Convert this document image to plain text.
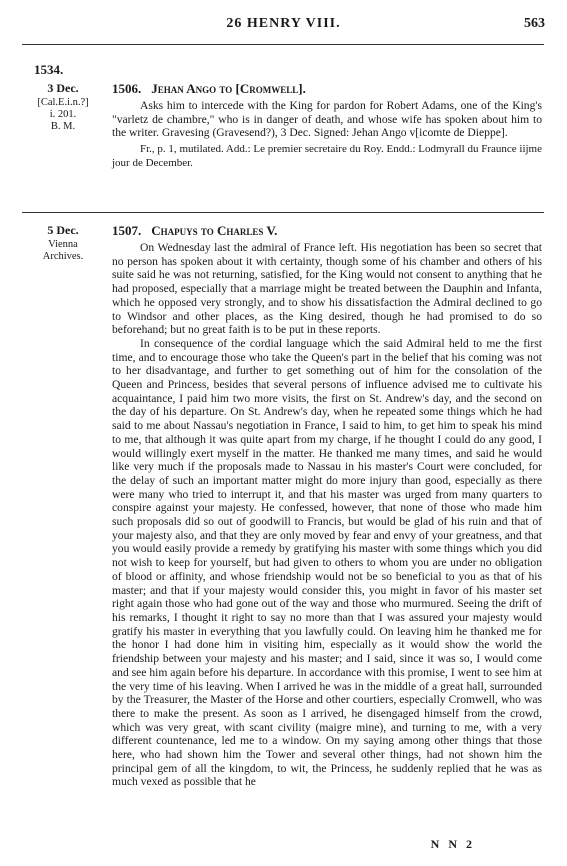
26 HENRY VIII.	563
1534.
3 Dec.
[Cal.E.i.n.?]
i. 201.
B. M.
1506. Jehan Ango to [Cromwell].

Asks him to intercede with the King for pardon for Robert Adams, one of the King's "varletz de chambre," who is in danger of death, and whose wife has spoken about him to the writer. Gravesing (Gravesend?), 3 Dec. Signed: Jehan Ango v[icomte de Dieppe].

Fr., p. 1, mutilated. Add.: Le premier secretaire du Roy. Endd.: Lodmyrall du Fraunce iijme jour de December.

5 Dec.
Vienna
Archives.
1507. Chapuys to Charles V.

On Wednesday last the admiral of France left. His negotiation has been so secret that no person has spoken about it with certainty, though some of his chamber and others of his suite said he was not returning, satisfied, for the King would not consent to anything that he had proposed, especially that a marriage might be treated between the Dauphin and Infanta, which he opposed very strongly, and to show his dissatisfaction the Admiral declined to go to Windsor and other places, as the King desired, though he had promised to do so beforehand; but no great faith is to be put in these reports.

In consequence of the cordial language which the said Admiral held to me the first time, and to encourage those who take the Queen's part in the belief that his coming was not to her disadvantage, and further to get something out of him for the consolation of the Queen and Princess, besides that several persons of influence advised me to cultivate his acquaintance, I paid him two more visits, the first on St. Andrew's day, and the second on the day of his departure. On St. Andrew's day, when he repeated some things which he had said to me about Nassau's negotiation in France, I said to him, to get him to speak his mind to me, that although it was quite apart from my charge, if he thought I could do any good, I would willingly exert myself in the matter. He thanked me many times, and said he would like very much if the proposals made to Nassau in his master's Court were concluded, for the delay of such an important matter might do more injury than good, especially as there were many who tried to interrupt it, and that his master was urged from many quarters to conspire against your majesty. He confessed, however, that none of those who made him such proposals did so out of goodwill to Francis, but would be glad of his ruin and that of your majesty also, and that they are only moved by fear and envy of your greatness, and that you would easily provide a remedy by gratifying his master with some things which you did not wish to keep for yourself, but had given to others to whom you are under no obligation of blood or affinity, and whose friendship would not be so beneficial to you as that of his master; and that if your majesty would consider this, you might in favor of his master set right again those who had gone out of the way and those who murmured. Seeing the drift of his remarks, I thought it right to say no more than that I was assured your majesty would gratify his master in everything that you lawfully could. On leaving him he thanked me for the honor I had done him in visiting him, especially as it would show the world the friendship between your majesty and his master; and I said, since it was so, I would come and see him again before his departure. In accordance with this promise, I went to see him at the very time of his leaving. When I arrived he was in the middle of a great hall, surrounded by the Treasurer, the Master of the Horse and other courtiers, especially Cromwell, who was there to make the present. As soon as I arrived, he disengaged himself from the crowd, which was very great, with scant civility (maigre mine), and turning to me, with a very different countenance, led me to a window. On my saying among other things that those here, who had shown him the Tower and several other things, had not shown him the principal gem of all the kingdom, to wit, the Princess, he suddenly replied that he was as much vexed as possible that he

N N 2
